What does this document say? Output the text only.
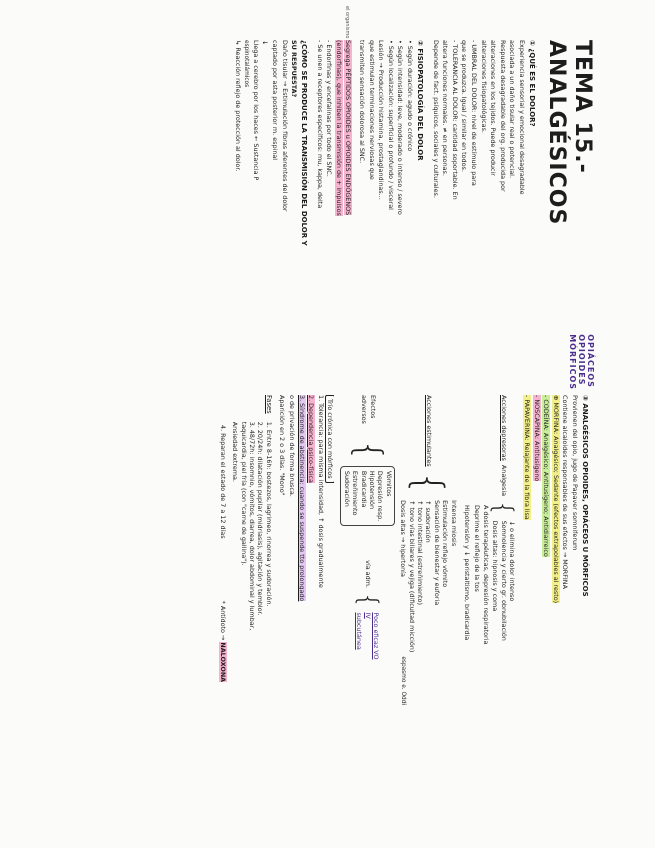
TEMA 15.- ANALGÉSICOS
OPIÁCEOS
OPIOIDES
MÓRFICOS
① ¿QUÉ ES EL DOLOR?
Experiencia sensorial y emocional desagradable
asociada a un daño tisular real o potencial.
Respuesta desagradable del org. producida por
alteraciones en los tejidos. Puede producir
alteraciones fisiopatológicas.
- UMBRAL DEL DOLOR: nivel de estímulo para
que se produzca. Igual / similar en todos.
- TOLERANCIA AL DOLOR: cantidad soportable. En
altera funciones normales. ≠ en personas.
Depende de fact. psíquicos, sociales y culturales.
② FISIOPATOLOGÍA DEL DOLOR
• Según duración: agudo o crónico
• Según intensidad: leve, moderado o intenso / severo
• Según localización: superficial o profundo / visceral
Lesión → Producción histamina, prostaglandinas...
que estimulan terminaciones nerviosas que
transmiten sensación dolorosa al SNC.
el organismo
Segrega PÉPTIDOS OPIOIDES u OPIOIDES ENDÓGENOS
(endorfinas), que inhiben la transmisión de + impulsos
- Endorfinas y encefalinas por todo el SNC.
- Se unen a receptores específicos: mu, kappa, delta
¿CÓMO SE PRODUCE LA TRANSMISIÓN DEL DOLOR Y
SU RESPUESTA?
Daño tisular → Estimulación fibras aferentes del dolor
captado por asta posterior m. espinal
↓
Llega a cerebro por los haces ← Sustancia P
espinotalámicos
↳ Reacción reflejo de protección al dolor.
③ ANALGÉSICOS OPIOIDES, OPIÁCEOS U MÓRFICOS
Provienen del opio, jugo de Papaver somniferum
Contiene alcaloides responsables de sus efectos → MORFINA
⊕ MORFINA: Analgésico; Sedante (efectos extrapolables al resto)
- CODEÍNA: Analgésico; Antitusígeno; Antidiarreico
- NOSCAPINA: Antitusígeno
- PAPAVERINA: Relajante de la fibra lisa
Acciones depresoras
Analgesia
{
↓ o elimina dolor intenso
Somnolencia y cierto gr. obnubilación
Dosis altas: hipnosis y coma
A dosis terapéuticas, depresión respiratoria
Deprime el reflejo de la tos
Hipotensión y ↓ peristaltismo, bradicardia
Acciones estimulantes
{
Intensa miosis
Estimulación reflejo vómito
Sensación de bienestar y euforia
↑ sudoración
↑ tono intestinal (estreñimiento)
↑ tono vías biliares y vejiga (dificultad micción)
Dosis altas → hipertonía
espasmo e. Oddi
Efectos adversos
{
Vómitos
Depresión resp.
Hipotensión
Bradicardia
Estreñimiento
Sudoración
vía adm.
{
Poco eficaz VO
IV
subcutánea
Trío crónica con mórficos
1. Tolerancia: para misma intensidad, ↑ dosis gradualmente
2. Dependencia psico-física
3. Síndrome de abstinencia: cuando se suspende tto prolongado
o de privación de forma brusca.
Aparición en 2 o 3 días. "Mono"
Fases
1. Entre 8-16h: bostezos, lagrimeo, rinorrea y sudoración.
2. 20/24h: dilatación pupilar (midriasis), agitación y temblor.
3. 48/72h: insomnio, vómitos, diarrea, dolor abdominal y lumbar,
taquicardia, piel fría (con "carne de gallina").
Ansiedad extrema.
4. Reparan el estado de 7 a 12 días * Antídoto → NALOXONA
